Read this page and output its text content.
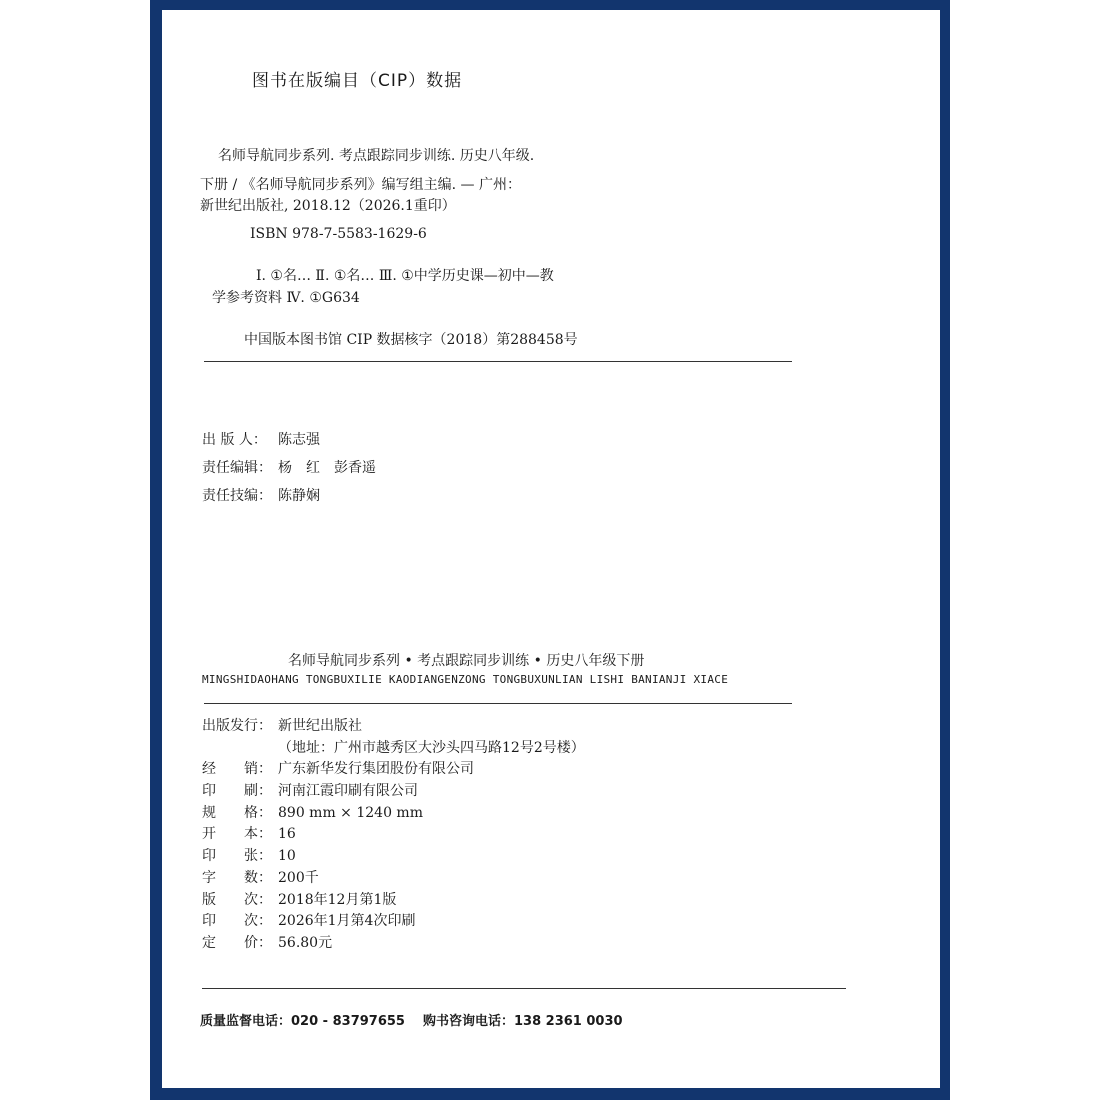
图书在版编目（CIP）数据
名师导航同步系列. 考点跟踪同步训练. 历史八年级.
下册 / 《名师导航同步系列》编写组主编. — 广州：
新世纪出版社, 2018.12（2026.1重印）
ISBN 978-7-5583-1629-6
Ⅰ. ①名… Ⅱ. ①名… Ⅲ. ①中学历史课—初中—教
学参考资料 Ⅳ. ①G634
中国版本图书馆 CIP 数据核字（2018）第288458号
出 版 人： 陈志强
责任编辑： 杨　红　彭香遥
责任技编： 陈静娴
名师导航同步系列 • 考点跟踪同步训练 • 历史八年级下册
MINGSHIDAOHANG TONGBUXILIE KAODIANGENZONG TONGBUXUNLIAN LISHI BANIANJI XIACE
出版发行： 新世纪出版社
（地址：广州市越秀区大沙头四马路12号2号楼）
经　　销： 广东新华发行集团股份有限公司
印　　刷： 河南江霞印刷有限公司
规　　格： 890 mm × 1240 mm
开　　本： 16
印　　张： 10
字　　数： 200千
版　　次： 2018年12月第1版
印　　次： 2026年1月第4次印刷
定　　价： 56.80元
质量监督电话：020 - 83797655 购书咨询电话：138 2361 0030
